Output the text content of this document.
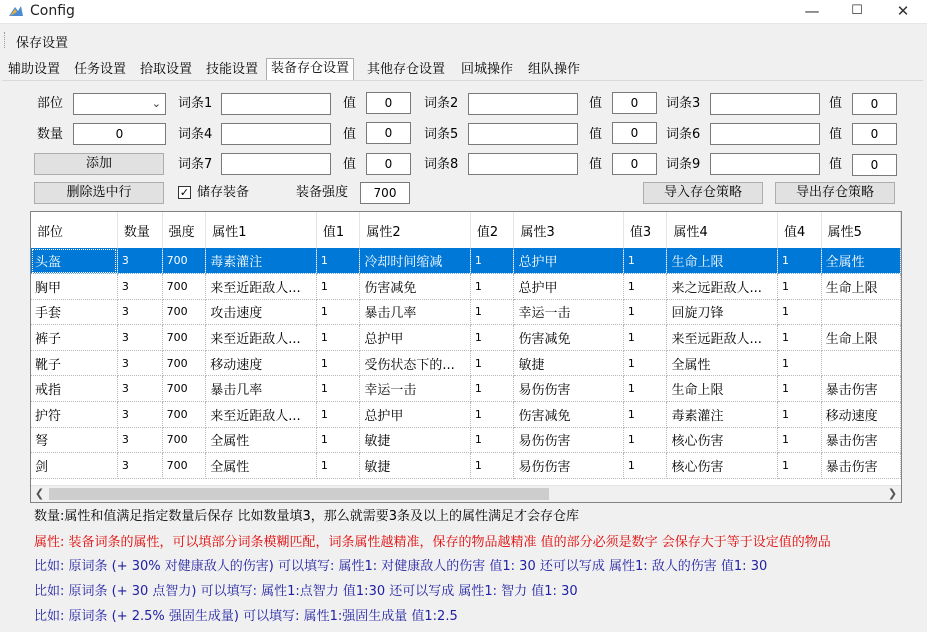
Config	—	☐	✕
保存设置
辅助设置	任务设置	拾取设置	技能设置 装备存仓设置	其他存仓设置	回城操作	组队操作
部位	⌄
数量	0
添加
删除选中行	✓ 储存装备	装备强度	700
词条1	值	0	词条2	值	0	词条3	值	0
词条4	值	0	词条5	值	0	词条6	值	0
词条7	值	0	词条8	值	0	词条9	值	0
导入存仓策略	导出存仓策略
部位	数量	强度	属性1	值1	属性2	值2	属性3	值3	属性4	值4	属性5
头盔	3	700	毒素灌注	1	冷却时间缩减	1	总护甲	1	生命上限	1	全属性
胸甲	3	700	来至近距敌人...	1	伤害减免	1	总护甲	1	来之远距敌人...	1	生命上限
手套	3	700	攻击速度	1	暴击几率	1	幸运一击	1	回旋刀锋	1	
裤子	3	700	来至近距敌人...	1	总护甲	1	伤害减免	1	来至远距敌人...	1	生命上限
靴子	3	700	移动速度	1	受伤状态下的...	1	敏捷	1	全属性	1	
戒指	3	700	暴击几率	1	幸运一击	1	易伤伤害	1	生命上限	1	暴击伤害
护符	3	700	来至近距敌人...	1	总护甲	1	伤害减免	1	毒素灌注	1	移动速度
弩	3	700	全属性	1	敏捷	1	易伤伤害	1	核心伤害	1	暴击伤害
剑	3	700	全属性	1	敏捷	1	易伤伤害	1	核心伤害	1	暴击伤害
❮	❯
数量:属性和值满足指定数量后保存 比如数量填3，那么就需要3条及以上的属性满足才会存仓库
属性: 装备词条的属性，可以填部分词条模糊匹配，词条属性越精准，保存的物品越精准 值的部分必须是数字 会保存大于等于设定值的物品
比如: 原词条 (+ 30% 对健康敌人的伤害) 可以填写: 属性1: 对健康敌人的伤害 值1: 30 还可以写成 属性1: 敌人的伤害 值1: 30
比如: 原词条 (+ 30 点智力) 可以填写: 属性1:点智力 值1:30 还可以写成 属性1: 智力 值1: 30
比如: 原词条 (+ 2.5% 强固生成量) 可以填写: 属性1:强固生成量 值1:2.5
